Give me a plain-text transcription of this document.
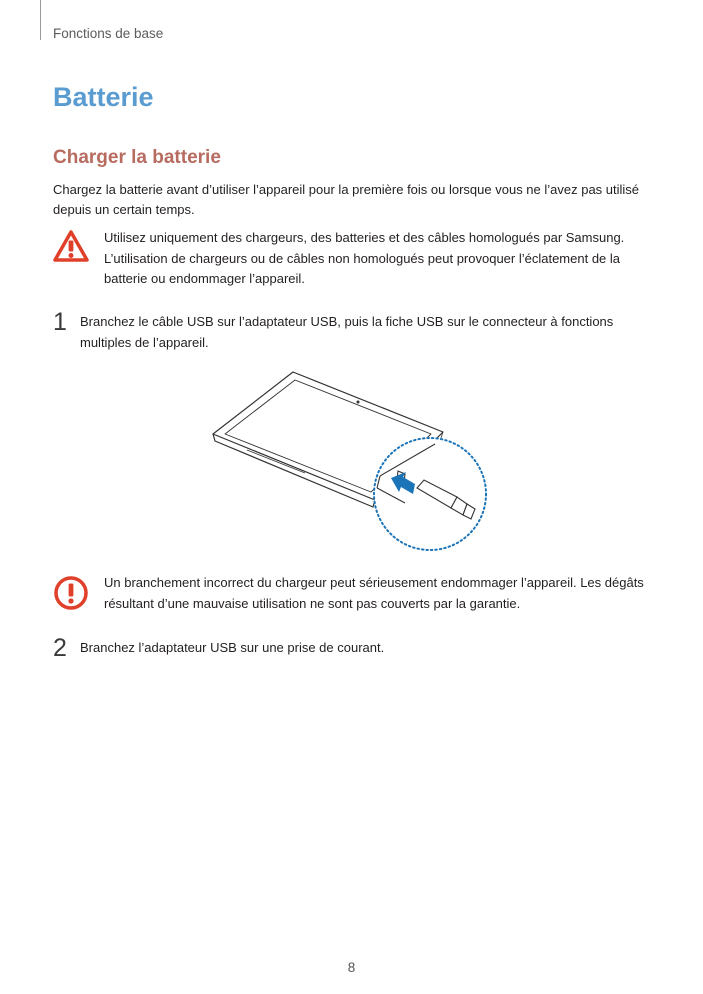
Fonctions de base
Batterie
Charger la batterie

Chargez la batterie avant d’utiliser l’appareil pour la première fois ou lorsque vous ne l’avez pas utilisé depuis un certain temps.

Utilisez uniquement des chargeurs, des batteries et des câbles homologués par Samsung. L’utilisation de chargeurs ou de câbles non homologués peut provoquer l’éclatement de la batterie ou endommager l’appareil.

1 Branchez le câble USB sur l’adaptateur USB, puis la fiche USB sur le connecteur à fonctions multiples de l’appareil.

Un branchement incorrect du chargeur peut sérieusement endommager l’appareil. Les dégâts résultant d’une mauvaise utilisation ne sont pas couverts par la garantie.

2 Branchez l’adaptateur USB sur une prise de courant.

8
